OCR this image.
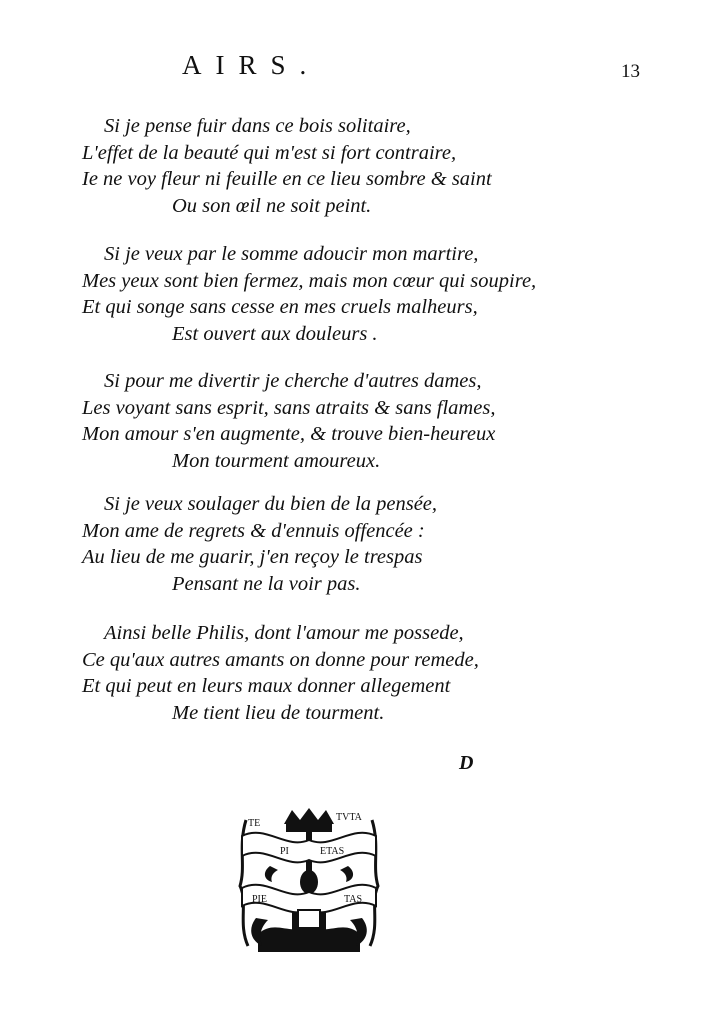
AIRS.	13
Si je pense fuir dans ce bois solitaire,
L'effet de la beauté qui m'est si fort contraire,
Ie ne voy fleur ni feuille en ce lieu sombre & saint
Ou son œil ne soit peint.
Si je veux par le somme adoucir mon martire,
Mes yeux sont bien fermez, mais mon cœur qui soupire,
Et qui songe sans cesse en mes cruels malheurs,
Est ouvert aux douleurs .
Si pour me divertir je cherche d'autres dames,
Les voyant sans esprit, sans atraits & sans flames,
Mon amour s'en augmente, & trouve bien-heureux
Mon tourment amoureux.
Si je veux soulager du bien de la pensée,
Mon ame de regrets & d'ennuis offencée :
Au lieu de me guarir, j'en reçoy le trespas
Pensant ne la voir pas.
Ainsi belle Philis, dont l'amour me possede,
Ce qu'aux autres amants on donne pour remede,
Et qui peut en leurs maux donner allegement
Me tient lieu de tourment.
D
TE
TVTA
PI	ETAS
PIE	TAS
